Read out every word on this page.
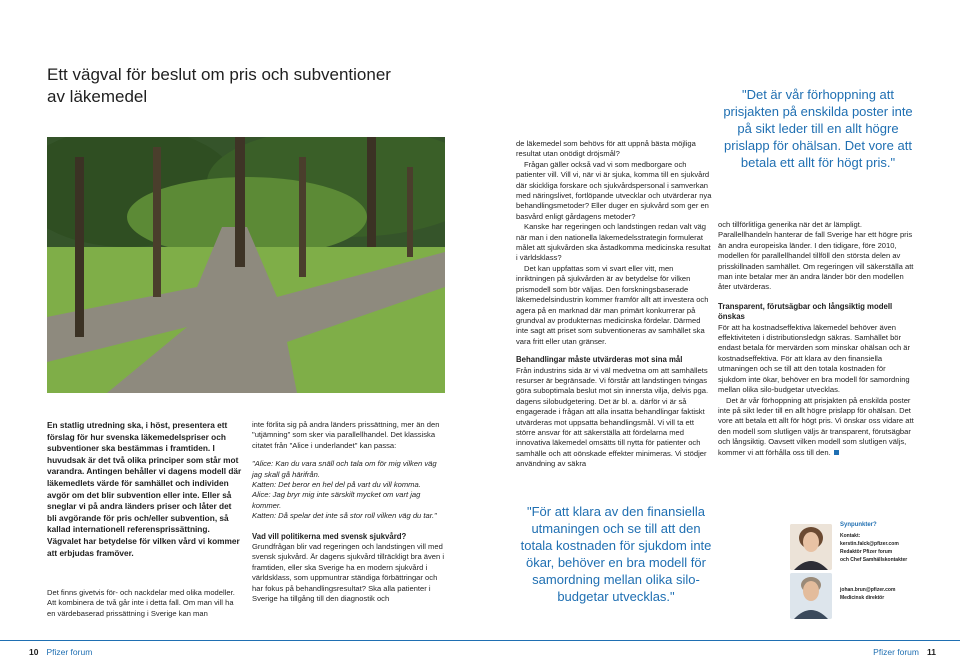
Ett vägval för beslut om pris och subventioner
av läkemedel

En statlig utredning ska, i höst, presentera ett förslag för hur svenska läkemedelspriser och subventioner ska bestämmas i framtiden. I huvudsak är det två olika principer som står mot varandra. Antingen behåller vi dagens modell där läkemedlets värde för samhället och individen avgör om det blir subvention eller inte. Eller så sneglar vi på andra länders priser och låter det bli avgörande för pris och/eller subvention, så kallad internationell referensprissättning. Vägvalet har betydelse för vilken vård vi kommer att erbjudas framöver.

Det finns givetvis för- och nackdelar med olika modeller. Att kombinera de två går inte i detta fall. Om man vill ha en värdebaserad prissättning i Sverige kan man

inte förlita sig på andra länders prissättning, mer än den "utjämning" som sker via parallellhandel. Det klassiska citatet från "Alice i underlandet" kan passa:

"Alice: Kan du vara snäll och tala om för mig vilken väg jag skall gå härifrån.

Katten: Det beror en hel del på vart du vill komma.

Alice: Jag bryr mig inte särskilt mycket om vart jag kommer.

Katten: Då spelar det inte så stor roll vilken väg du tar."

Vad vill politikerna med svensk sjukvård?

Grundfrågan blir vad regeringen och landstingen vill med svensk sjukvård. Är dagens sjukvård tillräckligt bra även i framtiden, eller ska Sverige ha en modern sjukvård i världsklass, som uppmuntrar ständiga förbättringar och har fokus på behandlingsresultat? Ska alla patienter i Sverige ha tillgång till den diagnostik och

de läkemedel som behövs för att uppnå bästa möjliga resultat utan onödigt dröjsmål?

Frågan gäller också vad vi som medborgare och patienter vill. Vill vi, när vi är sjuka, komma till en sjukvård där skickliga forskare och sjukvårdspersonal i samverkan med näringslivet, fortlöpande utvecklar och utvärderar nya behandlingsmetoder? Eller duger en sjukvård som ger en basvård enligt gårdagens metoder?

Kanske har regeringen och landstingen redan valt väg när man i den nationella läkemedelsstrategin formulerat målet att sjukvården ska åstadkomma medicinska resultat i världsklass?

Det kan uppfattas som vi svart eller vitt, men inriktningen på sjukvården är av betydelse för vilken prismodell som bör väljas. Den forskningsbaserade läkemedelsindustrin kommer framför allt att investera och agera på en marknad där man primärt konkurrerar på grundval av produkternas medicinska fördelar. Därmed inte sagt att priset som subventioneras av samhället ska vara fritt eller utan gränser.

Behandlingar måste utvärderas mot sina mål

Från industrins sida är vi väl medvetna om att samhällets resurser är begränsade. Vi förstår att landstingen tvingas göra suboptimala beslut mot sin innersta vilja, delvis pga. dagens silobudgetering. Det är bl. a. därför vi är så engagerade i frågan att alla insatta behandlingar faktiskt utvärderas mot uppsatta behandlingsmål. Vi vill ta ett större ansvar för att säkerställa att fördelarna med innovativa läkemedel omsätts till nytta för patienter och samhälle och att oönskade effekter minimeras. Vi stödjer användning av säkra

och tillförlitliga generika när det är lämpligt. Parallellhandeln hanterar de fall Sverige har ett högre pris än andra europeiska länder. I den tidigare, före 2010, modellen för parallellhandel tillföll den största delen av prisskillnaden samhället. Om regeringen vill säkerställa att man inte betalar mer än andra länder bör den modellen åter utvärderas.

Transparent, förutsägbar och långsiktig modell önskas

För att ha kostnadseffektiva läkemedel behöver även effektiviteten i distributionsledgn säkras. Samhället bör endast betala för mervärden som minskar ohälsan och är kostnadseffektiva. För att klara av den finansiella utmaningen och se till att den totala kostnaden för sjukdom inte ökar, behöver en bra modell för samordning mellan olika silo-budgetar utvecklas.

Det är vår förhoppning att prisjakten på enskilda poster inte på sikt leder till en allt högre prislapp för ohälsan. Det vore att betala ett allt för högt pris. Vi önskar oss vidare att den modell som slutligen väljs är transparent, förutsägbar och långsiktig. Oavsett vilken modell som slutligen väljs, kommer vi att förhålla oss till den.

"Det är vår förhoppning att prisjakten på enskilda poster inte på sikt leder till en allt högre prislapp för ohälsan. Det vore att betala ett allt för högt pris."
"För att klara av den finansiella utmaningen och se till att den totala kostnaden för sjukdom inte ökar, behöver en bra modell för samordning mellan olika silo-budgetar utvecklas."
Synpunkter?
Kontakt:
kerstin.falck@pfizer.com
Redaktör Pfizer forum
och Chef Samhällskontakter
johan.brun@pfizer.com
Medicinsk direktör
10 Pfizer forum	Pfizer forum 11
